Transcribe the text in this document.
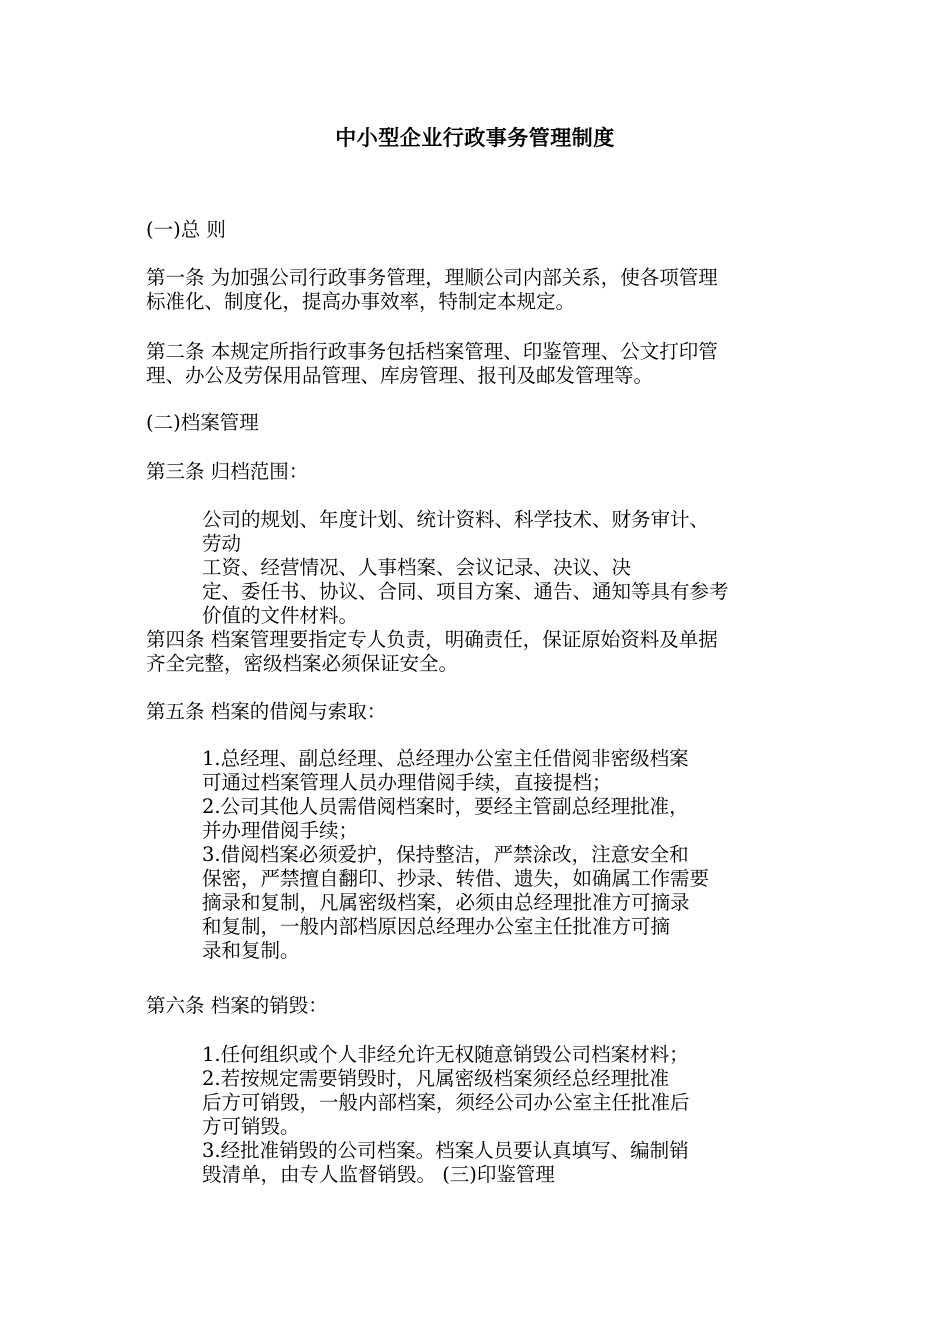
中小型企业行政事务管理制度
(一)总 则
第一条 为加强公司行政事务管理，理顺公司内部关系，使各项管理
标准化、制度化，提高办事效率，特制定本规定。
第二条 本规定所指行政事务包括档案管理、印鉴管理、公文打印管
理、办公及劳保用品管理、库房管理、报刊及邮发管理等。
(二)档案管理
第三条 归档范围：
公司的规划、年度计划、统计资料、科学技术、财务审计、
劳动
工资、经营情况、人事档案、会议记录、决议、决
定、委任书、协议、合同、项目方案、通告、通知等具有参考
价值的文件材料。
第四条 档案管理要指定专人负责，明确责任，保证原始资料及单据
齐全完整，密级档案必须保证安全。
第五条 档案的借阅与索取：
1.总经理、副总经理、总经理办公室主任借阅非密级档案
可通过档案管理人员办理借阅手续，直接提档；
2.公司其他人员需借阅档案时，要经主管副总经理批准，
并办理借阅手续；
3.借阅档案必须爱护，保持整洁，严禁涂改，注意安全和
保密，严禁擅自翻印、抄录、转借、遗失，如确属工作需要
摘录和复制，凡属密级档案，必须由总经理批准方可摘录
和复制，一般内部档原因总经理办公室主任批准方可摘
录和复制。
第六条 档案的销毁：
1.任何组织或个人非经允许无权随意销毁公司档案材料；
2.若按规定需要销毁时，凡属密级档案须经总经理批准
后方可销毁，一般内部档案，须经公司办公室主任批准后
方可销毁。
3.经批准销毁的公司档案。档案人员要认真填写、编制销
毁清单，由专人监督销毁。 (三)印鉴管理
